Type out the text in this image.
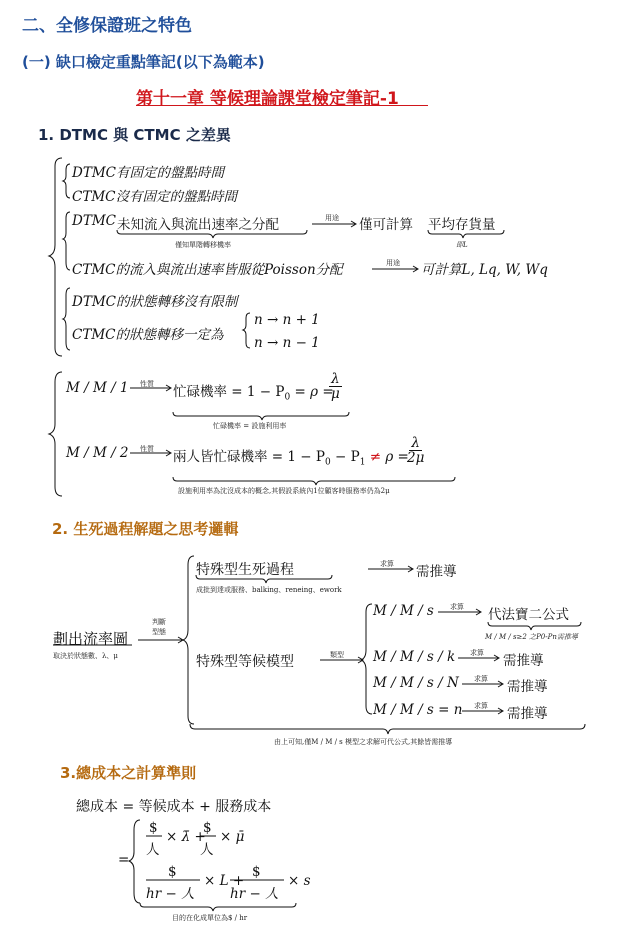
二、全修保證班之特色
(一) 缺口檢定重點筆記(以下為範本)
第十一章 等候理論課堂檢定筆記-1
1. DTMC 與 CTMC 之差異
DTMC有固定的盤點時間
CTMC沒有固定的盤點時間
DTMC 未知流入與流出速率之分配	用途 僅可計算 平均存貨量
僅知單階轉移機率	即L
CTMC的流入與流出速率皆服從Poisson分配	用途 可計算L, Lq, W, Wq
DTMC的狀態轉移沒有限制
CTMC的狀態轉移一定為
n → n + 1
n → n − 1
M / M / 1 性質 忙碌機率 = $1 - P_0 = \rho$ =
$\frac{\lambda}{\mu}$
忙碌機率 = 設施利用率
M / M / 2 性質 兩人皆忙碌機率 = $1 - P_0 - P_1 \ne \rho$ =
$\frac{\lambda}{2\mu}$
設施利用率為沈沒成本的概念,其假設系統內1位顧客時服務率仍為2μ
2. 生死過程解題之思考邏輯
劃出流率圖
取決於狀態數、λ、μ
判斷
型態
特殊型生死過程
成批到達或服務、balking、reneing、ework
求算 需推導
特殊型等候模型	類型
M / M / s 求算 代法寶二公式
M / M / s≥2 之P0-Pn需推導
M / M / s / k 求算 需推導
M / M / s / N 求算 需推導
M / M / s = n 求算 需推導
由上可知,僅M / M / s 模型之求解可代公式,其餘皆需推導
3.總成本之計算準則
總成本 = 等候成本 + 服務成本
=
$
人
× λ̄ +
$
人
× μ̄
$
hr − 人
× L +
$
hr − 人
× s
目的在化成單位為$ / hr
